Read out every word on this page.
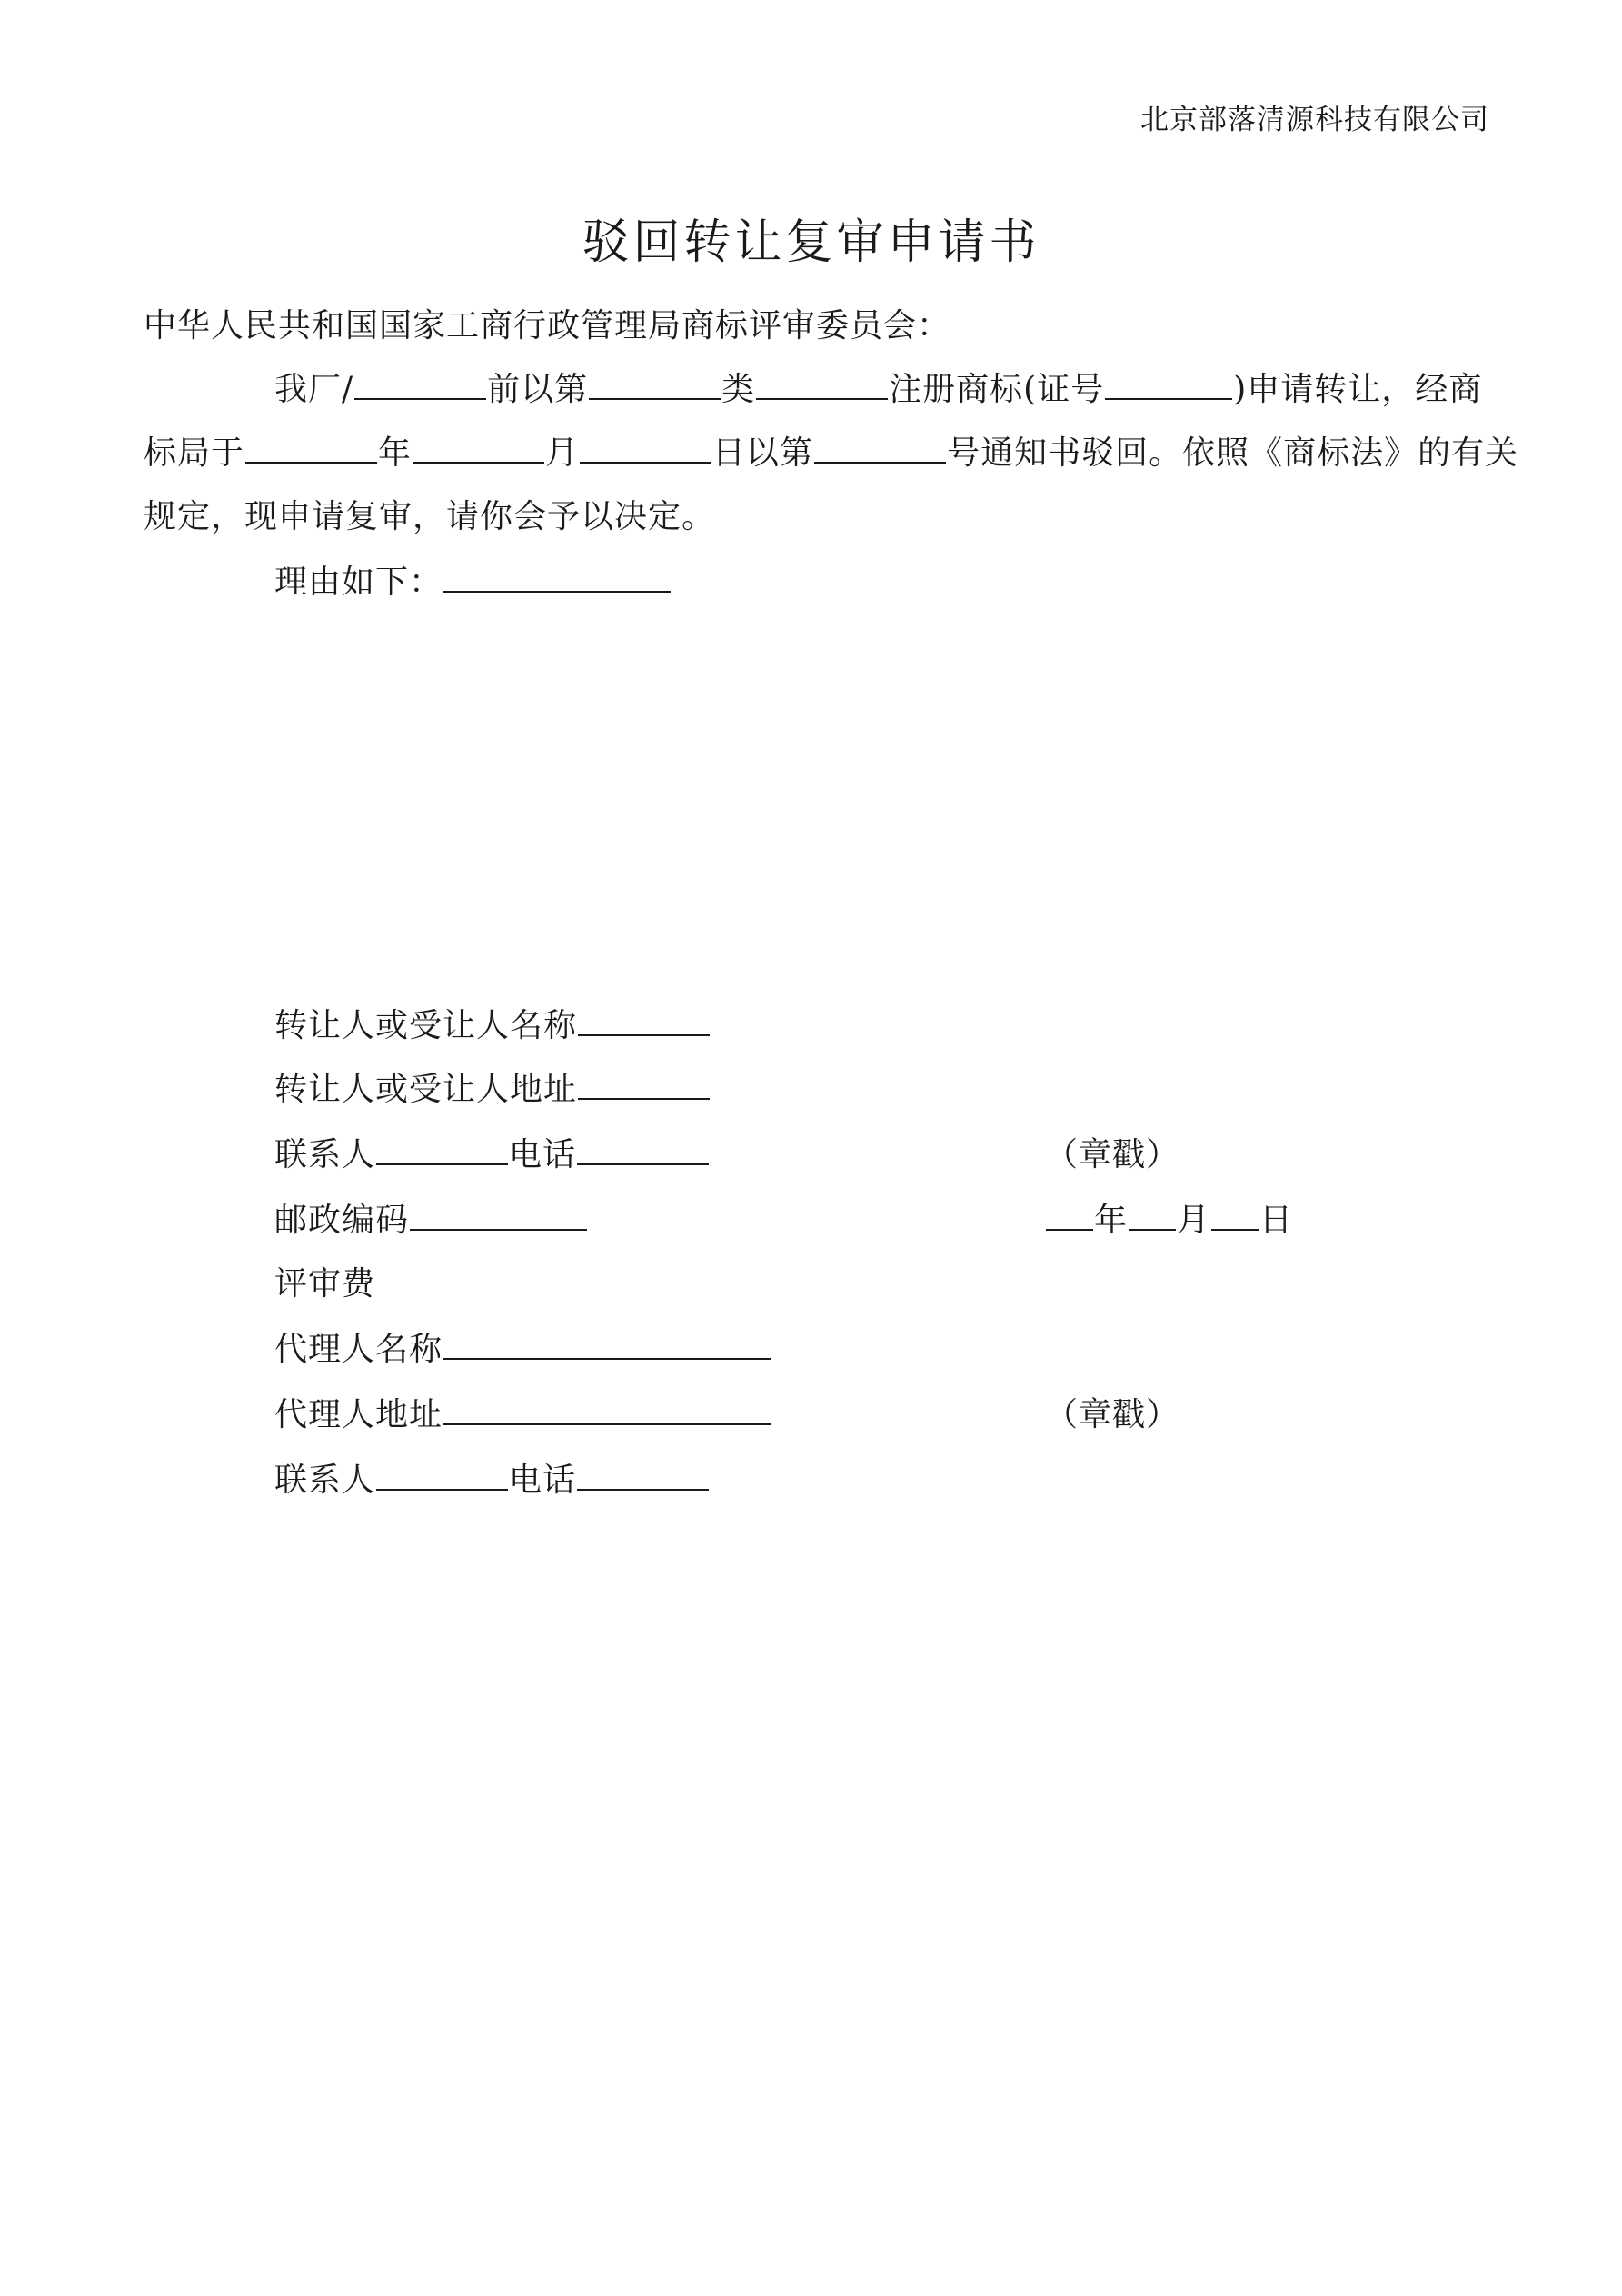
北京部落清源科技有限公司
驳回转让复审申请书
中华人民共和国国家工商行政管理局商标评审委员会：
我厂/	前以第	类	注册商标(证号	)申请转让，经商
标局于	年	月	日以第	号通知书驳回。依照《商标法》的有关
规定，现申请复审，请你会予以决定。
理由如下：
转让人或受让人名称
转让人或受让人地址
联系人	电话
邮政编码
评审费
代理人名称
代理人地址
联系人	电话
（章戳）
年 月 日
（章戳）
